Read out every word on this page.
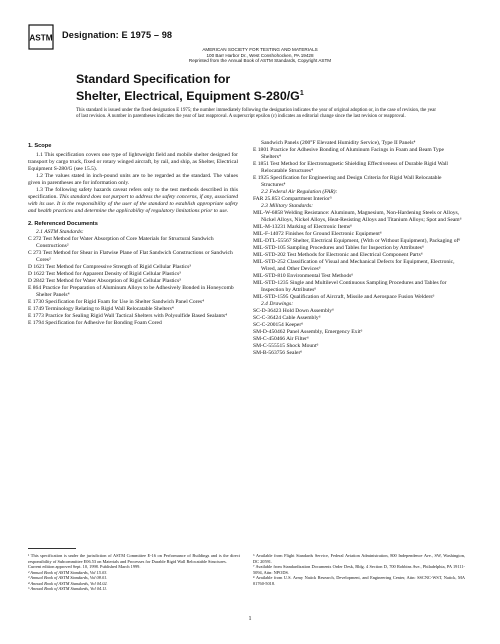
ASTM Designation: E 1975 – 98
AMERICAN SOCIETY FOR TESTING AND MATERIALS
100 Barr Harbor Dr., West Conshohocken, PA 19428
Reprinted from the Annual Book of ASTM Standards, Copyright ASTM
Standard Specification for
Shelter, Electrical, Equipment $S-280/G^1$
This standard is issued under the fixed designation E 1975; the number immediately following the designation indicates the year of original adoption or, in the case of revision, the year of last revision. A number in parentheses indicates the year of last reapproval. A superscript epsilon (ε) indicates an editorial change since the last revision or reapproval.

1. Scope

1.1 This specification covers one type of lightweight field and mobile shelter designed for transport by cargo truck, fixed or rotary winged aircraft, by rail, and ship, as Shelter, Electrical Equipment S-280/G (see 15.5).

1.2 The values stated in inch-pound units are to be regarded as the standard. The values given in parentheses are for information only.

1.3 The following safety hazards caveat refers only to the test methods described in this specification. This standard does not purport to address the safety concerns, if any, associated with its use. It is the responsibility of the user of the standard to establish appropriate safety and health practices and determine the applicability of regulatory limitations prior to use.

2. Referenced Documents

2.1 ASTM Standards:

C 272 Test Method for Water Absorption of Core Materials for Structural Sandwich Constructions²

C 273 Test Method for Shear in Flatwise Plane of Flat Sandwich Constructions or Sandwich Cores²

D 1621 Test Method for Compressive Strength of Rigid Cellular Plastics³

D 1622 Test Method for Apparent Density of Rigid Cellular Plastics³

D 2842 Test Method for Water Absorption of Rigid Cellular Plastics³

E 864 Practice for Preparation of Aluminum Alloys to be Adhesively Bonded in Honeycomb Shelter Panels⁴

E 1730 Specification for Rigid Foam for Use in Shelter Sandwich Panel Cores⁴

E 1749 Terminology Relating to Rigid Wall Relocatable Shelters⁴

E 1773 Practice for Sealing Rigid Wall Tactical Shelters with Polysulfide Based Sealants⁴

E 1794 Specification for Adhesive for Bonding Foam Cored

Sandwich Panels (200°F Elevated Humidity Service), Type II Panels⁴

E 1801 Practice for Adhesive Bonding of Aluminum Facings in Foam and Beam Type Shelters⁴

E 1851 Test Method for Electromagnetic Shielding Effectiveness of Durable Rigid Wall Relocatable Structures⁴

E 1925 Specification for Engineering and Design Criteria for Rigid Wall Relocatable Structures⁴

2.2 Federal Air Regulation (FAR):

FAR 25.853 Compartment Interior⁵

2.3 Military Standards:

MIL-W-6858 Welding Resistance: Aluminum, Magnesium, Non-Hardening Steels or Alloys, Nickel Alloys, Nickel Alloys, Heat-Resisting Alloys and Titanium Alloys; Spot and Seam⁶

MIL-M-13231 Marking of Electronic Items⁶

MIL-F-14072 Finishes for Ground Electronic Equipment⁶

MIL-DTL-55567 Shelter, Electrical Equipment, (With or Without Equipment), Packaging of⁶

MIL-STD-105 Sampling Procedures and Tables for Inspection by Attributes⁶

MIL-STD-202 Test Methods for Electronic and Electrical Component Parts⁶

MIL-STD-252 Classification of Visual and Mechanical Defects for Equipment, Electronic, Wired, and Other Devices⁶

MIL-STD-810 Environmental Test Methods⁶

MIL-STD-1235 Single and Multilevel Continuous Sampling Procedures and Tables for Inspection by Attributes⁶

MIL-STD-1595 Qualification of Aircraft, Missile and Aerospace Fusion Welders⁶

2.4 Drawings:

SC-D-36423 Hold Down Assembly⁶

SC-C-36424 Cable Assembly⁶

SC-C-200154 Keeper⁶

SM-D-450462 Panel Assembly, Emergency Exit⁶

SM-C-450466 Air Filter⁶

SM-C-555515 Shock Mount⁶

SM-B-563756 Sealer⁶

¹ This specification is under the jurisdiction of ASTM Committee E-16 on Performance of Buildings and is the direct responsibility of Subcommittee E06.53 on Materials and Processes for Durable Rigid Wall Relocatable Structures.

Current edition approved Sept. 10, 1998. Published March 1999.

² Annual Book of ASTM Standards, Vol 15.03.

³ Annual Book of ASTM Standards, Vol 08.01.

⁴ Annual Book of ASTM Standards, Vol 04.02.

⁵ Annual Book of ASTM Standards, Vol 04.11.

⁶ Available from Flight Standards Service, Federal Aviation Administration, 800 Independence Ave., SW, Washington, DC 20591.

⁷ Available from Standardization Documents Order Desk, Bldg. 4 Section D, 700 Robbins Ave., Philadelphia, PA 19111-5094, Attn: NPODS.

⁸ Available from U.S. Army Natick Research, Development, and Engineering Center, Attn: SSCNC-WST, Natick, MA 01760-5018.

1
